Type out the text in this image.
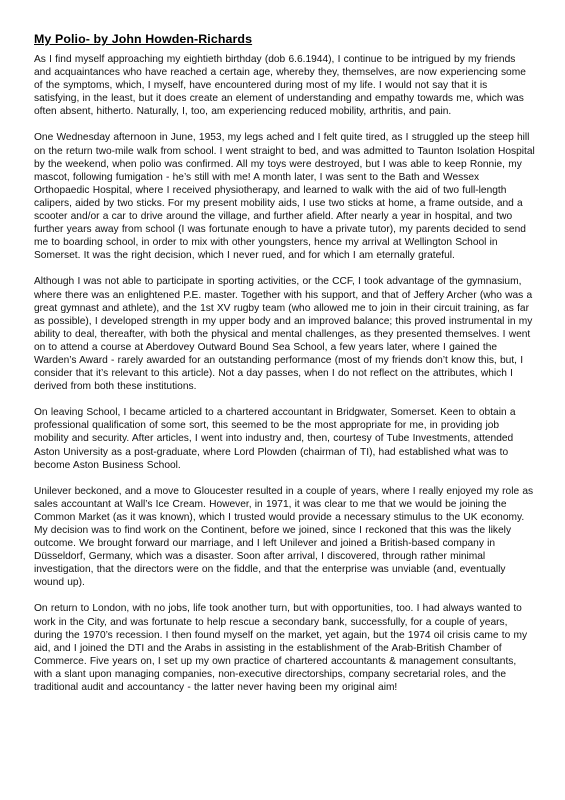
My Polio- by John Howden-Richards

As I find myself approaching my eightieth birthday (dob 6.6.1944), I continue to be intrigued by my friends and acquaintances who have reached a certain age, whereby they, themselves, are now experiencing some of the symptoms, which, I myself, have encountered during most of my life. I would not say that it is satisfying, in the least, but it does create an element of understanding and empathy towards me, which was often absent, hitherto. Naturally, I, too, am experiencing reduced mobility, arthritis, and pain.

One Wednesday afternoon in June, 1953, my legs ached and I felt quite tired, as I struggled up the steep hill on the return two-mile walk from school. I went straight to bed, and was admitted to Taunton Isolation Hospital by the weekend, when polio was confirmed. All my toys were destroyed, but I was able to keep Ronnie, my mascot, following fumigation - he’s still with me! A month later, I was sent to the Bath and Wessex Orthopaedic Hospital, where I received physiotherapy, and learned to walk with the aid of two full-length calipers, aided by two sticks. For my present mobility aids, I use two sticks at home, a frame outside, and a scooter and/or a car to drive around the village, and further afield. After nearly a year in hospital, and two further years away from school (I was fortunate enough to have a private tutor), my parents decided to send me to boarding school, in order to mix with other youngsters, hence my arrival at Wellington School in Somerset. It was the right decision, which I never rued, and for which I am eternally grateful.

Although I was not able to participate in sporting activities, or the CCF, I took advantage of the gymnasium, where there was an enlightened P.E. master. Together with his support, and that of Jeffery Archer (who was a great gymnast and athlete), and the 1st XV rugby team (who allowed me to join in their circuit training, as far as possible), I developed strength in my upper body and an improved balance; this proved instrumental in my ability to deal, thereafter, with both the physical and mental challenges, as they presented themselves. I went on to attend a course at Aberdovey Outward Bound Sea School, a few years later, where I gained the Warden’s Award - rarely awarded for an outstanding performance (most of my friends don’t know this, but, I consider that it’s relevant to this article). Not a day passes, when I do not reflect on the attributes, which I derived from both these institutions.

On leaving School, I became articled to a chartered accountant in Bridgwater, Somerset. Keen to obtain a professional qualification of some sort, this seemed to be the most appropriate for me, in providing job mobility and security. After articles, I went into industry and, then, courtesy of Tube Investments, attended Aston University as a post-graduate, where Lord Plowden (chairman of TI), had established what was to become Aston Business School.

Unilever beckoned, and a move to Gloucester resulted in a couple of years, where I really enjoyed my role as sales accountant at Wall’s Ice Cream. However, in 1971, it was clear to me that we would be joining the Common Market (as it was known), which I trusted would provide a necessary stimulus to the UK economy. My decision was to find work on the Continent, before we joined, since I reckoned that this was the likely outcome. We brought forward our marriage, and I left Unilever and joined a British-based company in Düsseldorf, Germany, which was a disaster. Soon after arrival, I discovered, through rather minimal investigation, that the directors were on the fiddle, and that the enterprise was unviable (and, eventually wound up).

On return to London, with no jobs, life took another turn, but with opportunities, too. I had always wanted to work in the City, and was fortunate to help rescue a secondary bank, successfully, for a couple of years, during the 1970’s recession. I then found myself on the market, yet again, but the 1974 oil crisis came to my aid, and I joined the DTI and the Arabs in assisting in the establishment of the Arab-British Chamber of Commerce. Five years on, I set up my own practice of chartered accountants & management consultants, with a slant upon managing companies, non-executive directorships, company secretarial roles, and the traditional audit and accountancy - the latter never having been my original aim!
